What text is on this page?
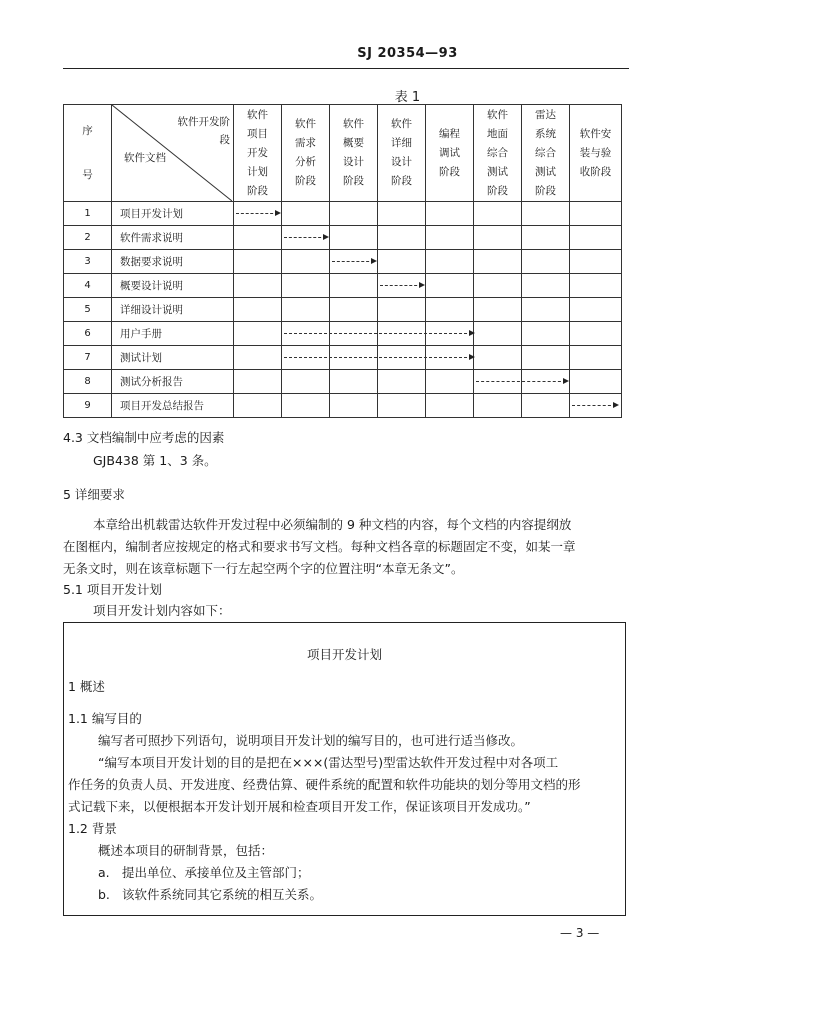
SJ 20354—93
表 1
序号	软件开发阶段
软件文档	软件项目开发计划阶段	软件需求分析阶段	软件概要设计阶段	软件详细设计阶段	编程调试阶段	软件地面综合测试阶段	雷达系统综合测试阶段	软件安装与验收阶段
1	项目开发计划	

2	软件需求说明		

3	数据要求说明			

4	概要设计说明				

5	详细设计说明								
6	用户手册		

7	测试计划		

8	测试分析报告						

9	项目开发总结报告								
4.3 文档编制中应考虑的因素
GJB438 第 1、3 条。
5 详细要求
本章给出机载雷达软件开发过程中必须编制的 9 种文档的内容，每个文档的内容提纲放
在图框内，编制者应按规定的格式和要求书写文档。每种文档各章的标题固定不变，如某一章
无条文时，则在该章标题下一行左起空两个字的位置注明“本章无条文”。
5.1 项目开发计划
项目开发计划内容如下：
项目开发计划
1 概述
1.1 编写目的
编写者可照抄下列语句，说明项目开发计划的编写目的，也可进行适当修改。
“编写本项目开发计划的目的是把在×××(雷达型号)型雷达软件开发过程中对各项工
作任务的负责人员、开发进度、经费估算、硬件系统的配置和软件功能块的划分等用文档的形
式记载下来，以便根据本开发计划开展和检查项目开发工作，保证该项目开发成功。”
1.2 背景
概述本项目的研制背景，包括：
a. 提出单位、承接单位及主管部门；
b. 该软件系统同其它系统的相互关系。
— 3 —
